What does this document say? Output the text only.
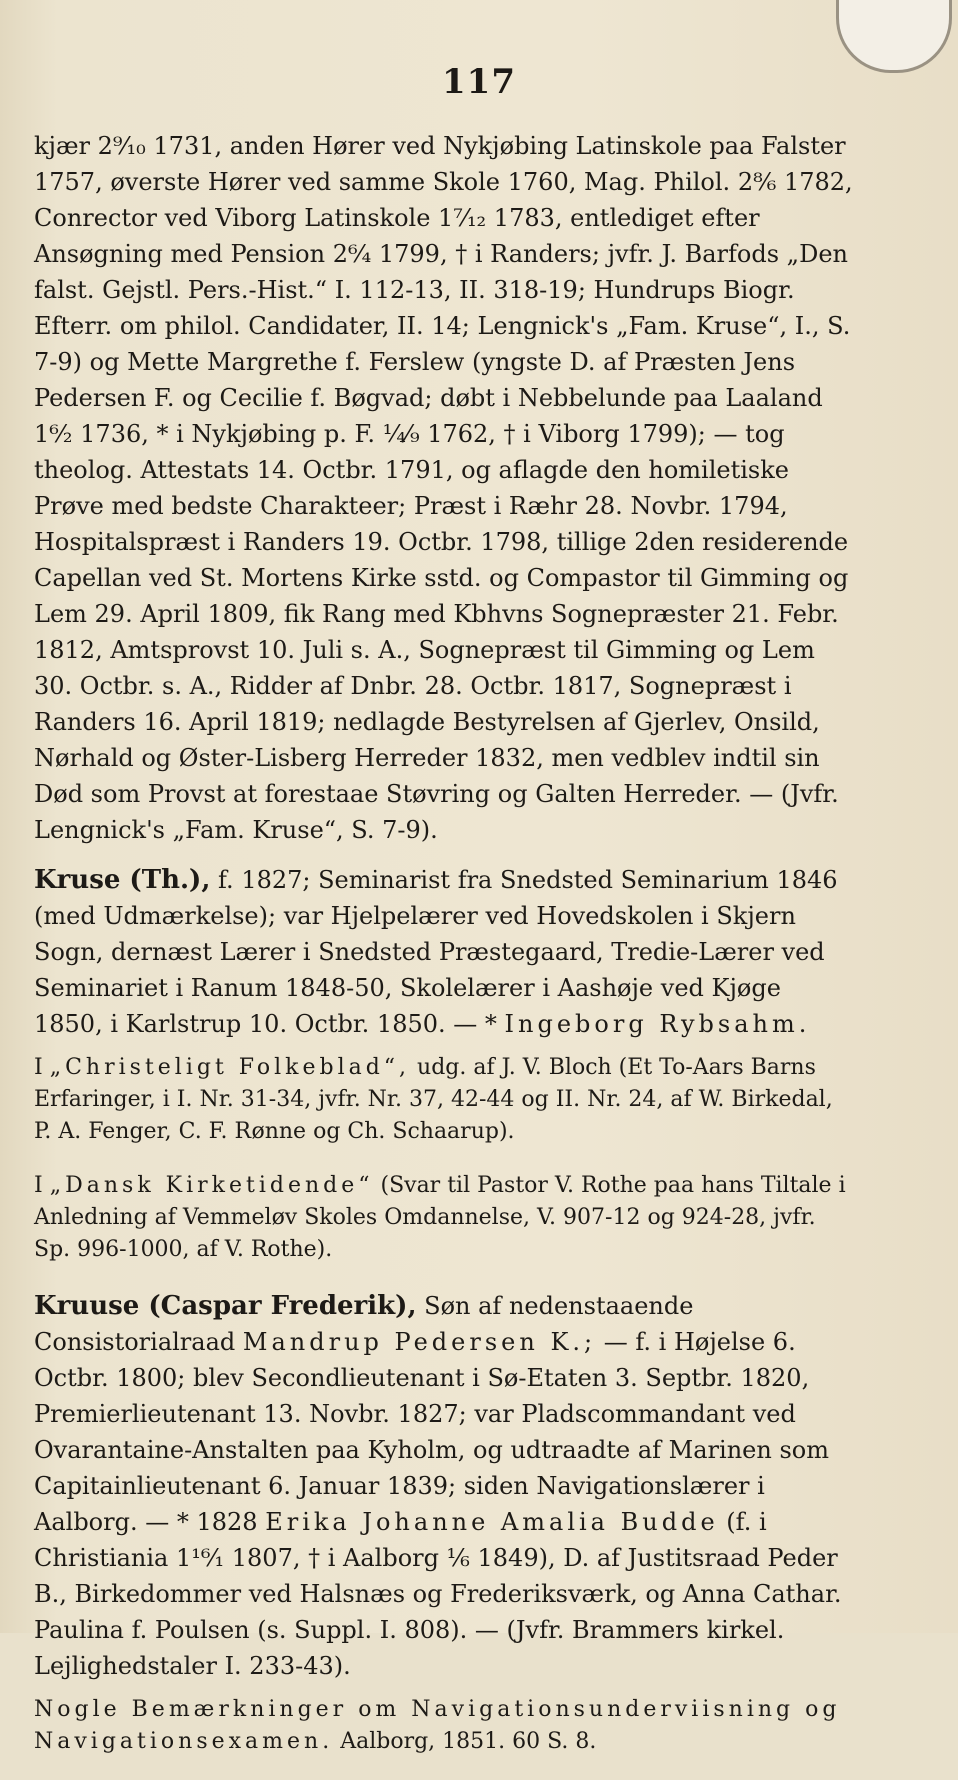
117

kjær 2⁹⁄₁₀ 1731, anden Hører ved Nykjøbing Latinskole paa Falster 1757, øverste Hører ved samme Skole 1760, Mag. Philol. 2⁸⁄₆ 1782, Conrector ved Viborg Latinskole 1⁷⁄₁₂ 1783, entlediget efter Ansøgning med Pension 2⁶⁄₄ 1799, † i Randers; jvfr. J. Barfods „Den falst. Gejstl. Pers.-Hist.“ I. 112-13, II. 318-19; Hundrups Biogr. Efterr. om philol. Candidater, II. 14; Lengnick's „Fam. Kruse“, I., S. 7-9) og Mette Margrethe f. Ferslew (yngste D. af Præsten Jens Pedersen F. og Cecilie f. Bøgvad; døbt i Nebbelunde paa Laaland 1⁶⁄₂ 1736, * i Nykjøbing p. F. ¼⁄₉ 1762, † i Viborg 1799); — tog theolog. Attestats 14. Octbr. 1791, og aflagde den homiletiske Prøve med bedste Charakteer; Præst i Ræhr 28. Novbr. 1794, Hospitalspræst i Randers 19. Octbr. 1798, tillige 2den residerende Capellan ved St. Mortens Kirke sstd. og Compastor til Gimming og Lem 29. April 1809, fik Rang med Kbhvns Sognepræster 21. Febr. 1812, Amtsprovst 10. Juli s. A., Sognepræst til Gimming og Lem 30. Octbr. s. A., Ridder af Dnbr. 28. Octbr. 1817, Sognepræst i Randers 16. April 1819; nedlagde Bestyrelsen af Gjerlev, Onsild, Nørhald og Øster-Lisberg Herreder 1832, men vedblev indtil sin Død som Provst at forestaae Støvring og Galten Herreder. — (Jvfr. Lengnick's „Fam. Kruse“, S. 7-9).

Kruse (Th.), f. 1827; Seminarist fra Snedsted Seminarium 1846 (med Udmærkelse); var Hjelpelærer ved Hovedskolen i Skjern Sogn, dernæst Lærer i Snedsted Præstegaard, Tredie-Lærer ved Seminariet i Ranum 1848-50, Skolelærer i Aashøje ved Kjøge 1850, i Karlstrup 10. Octbr. 1850. — * Ingeborg Rybsahm.

I „Christeligt Folkeblad“, udg. af J. V. Bloch (Et To-Aars Barns Erfaringer, i I. Nr. 31-34, jvfr. Nr. 37, 42-44 og II. Nr. 24, af W. Birkedal, P. A. Fenger, C. F. Rønne og Ch. Schaarup).

I „Dansk Kirketidende“ (Svar til Pastor V. Rothe paa hans Tiltale i Anledning af Vemmeløv Skoles Omdannelse, V. 907-12 og 924-28, jvfr. Sp. 996-1000, af V. Rothe).

Kruuse (Caspar Frederik), Søn af nedenstaaende Consistorialraad Mandrup Pedersen K.; — f. i Højelse 6. Octbr. 1800; blev Secondlieutenant i Sø-Etaten 3. Septbr. 1820, Premierlieutenant 13. Novbr. 1827; var Pladscommandant ved Ovarantaine-Anstalten paa Kyholm, og udtraadte af Marinen som Capitainlieutenant 6. Januar 1839; siden Navigationslærer i Aalborg. — * 1828 Erika Johanne Amalia Budde (f. i Christiania 1¹⁶⁄₁ 1807, † i Aalborg ⅙ 1849), D. af Justitsraad Peder B., Birkedommer ved Halsnæs og Frederiksværk, og Anna Cathar. Paulina f. Poulsen (s. Suppl. I. 808). — (Jvfr. Brammers kirkel. Lejlighedstaler I. 233-43).

Nogle Bemærkninger om Navigationsunderviisning og Navigationsexamen. Aalborg, 1851. 60 S. 8.
